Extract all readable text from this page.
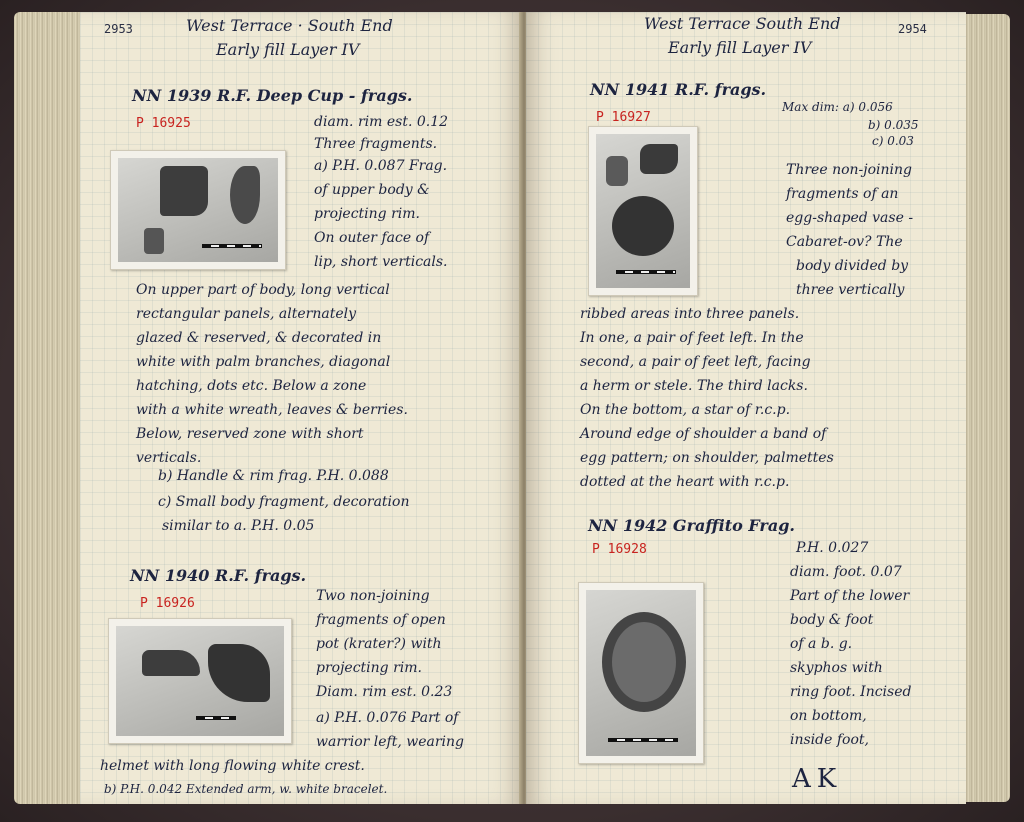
2953	West Terrace · South End
Early fill Layer IV
NN 1939 R.F. Deep Cup - frags.
P 16925	diam. rim est. 0.12
Three fragments.
a) P.H. 0.087 Frag.
of upper body &
projecting rim.
On outer face of
lip, short verticals.
On upper part of body, long vertical
rectangular panels, alternately
glazed & reserved, & decorated in
white with palm branches, diagonal
hatching, dots etc. Below a zone
with a white wreath, leaves & berries.
Below, reserved zone with short
verticals.
b) Handle & rim frag. P.H. 0.088
c) Small body fragment, decoration
similar to a. P.H. 0.05
NN 1940 R.F. frags.
P 16926	Two non-joining
fragments of open
pot (krater?) with
projecting rim.
Diam. rim est. 0.23
a) P.H. 0.076 Part of
warrior left, wearing
helmet with long flowing white crest.
b) P.H. 0.042 Extended arm, w. white bracelet.
West Terrace South End
Early fill Layer IV
2954
NN 1941 R.F. frags.
P 16927
Max dim: a) 0.056
b) 0.035
c) 0.03
Three non-joining
fragments of an
egg-shaped vase -
Cabaret-ov? The
body divided by
three vertically
ribbed areas into three panels.
In one, a pair of feet left. In the
second, a pair of feet left, facing
a herm or stele. The third lacks.
On the bottom, a star of r.c.p.
Around edge of shoulder a band of
egg pattern; on shoulder, palmettes
dotted at the heart with r.c.p.
NN 1942 Graffito Frag.
P 16928	P.H. 0.027
diam. foot. 0.07
Part of the lower
body & foot
of a b. g.
skyphos with
ring foot. Incised
on bottom,
inside foot,
AK
